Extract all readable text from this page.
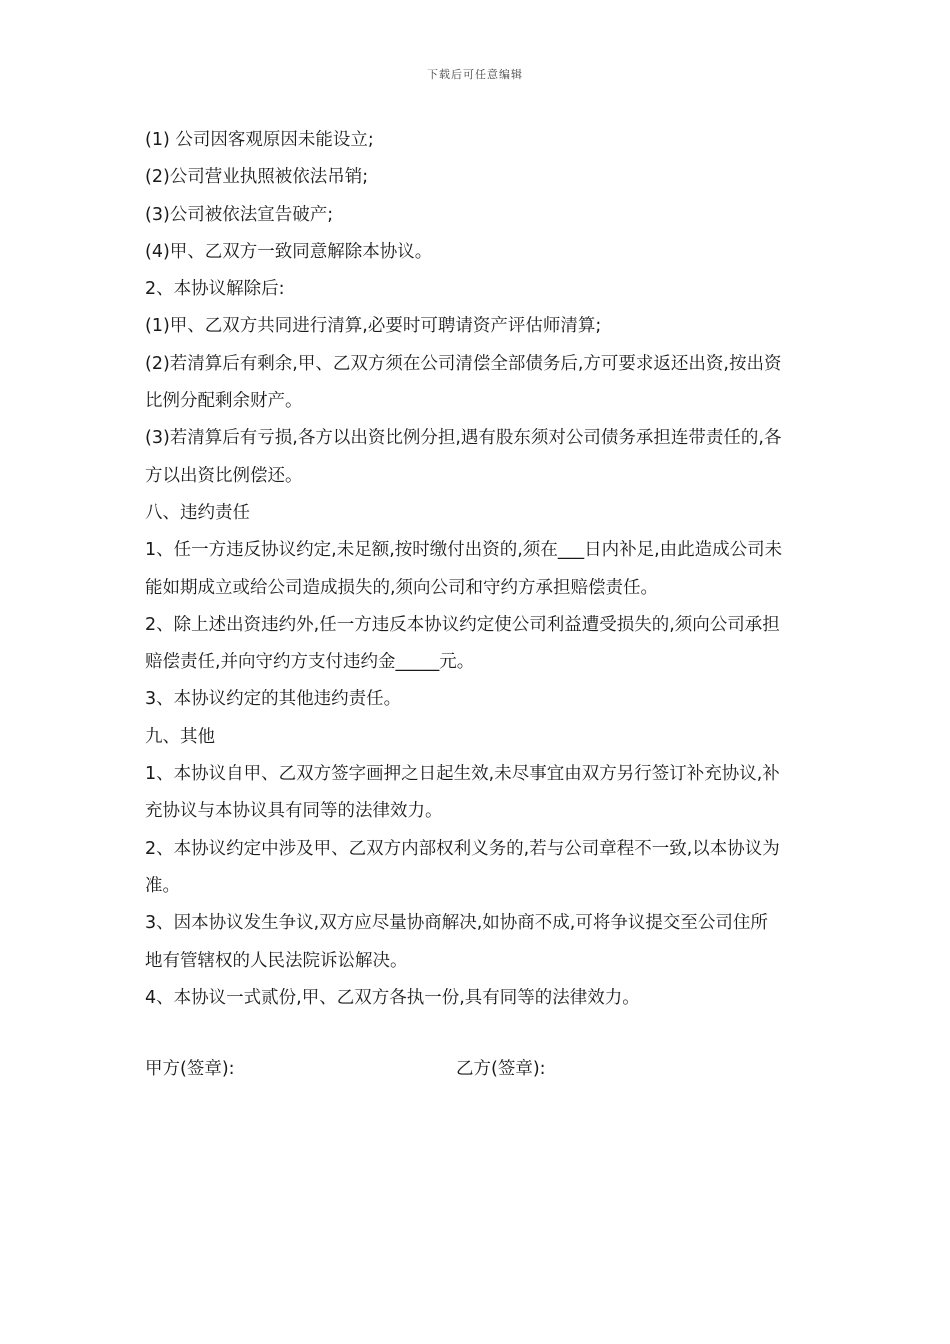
下载后可任意编辑
(1) 公司因客观原因未能设立;
(2)公司营业执照被依法吊销;
(3)公司被依法宣告破产;
(4)甲、乙双方一致同意解除本协议。
2、本协议解除后:
(1)甲、乙双方共同进行清算,必要时可聘请资产评估师清算;
(2)若清算后有剩余,甲、乙双方须在公司清偿全部债务后,方可要求返还出资,按出资
比例分配剩余财产。
(3)若清算后有亏损,各方以出资比例分担,遇有股东须对公司债务承担连带责任的,各
方以出资比例偿还。
八、违约责任
1、任一方违反协议约定,未足额,按时缴付出资的,须在___日内补足,由此造成公司未
能如期成立或给公司造成损失的,须向公司和守约方承担赔偿责任。
2、除上述出资违约外,任一方违反本协议约定使公司利益遭受损失的,须向公司承担
赔偿责任,并向守约方支付违约金_____元。
3、本协议约定的其他违约责任。
九、其他
1、本协议自甲、乙双方签字画押之日起生效,未尽事宜由双方另行签订补充协议,补
充协议与本协议具有同等的法律效力。
2、本协议约定中涉及甲、乙双方内部权利义务的,若与公司章程不一致,以本协议为
准。
3、因本协议发生争议,双方应尽量协商解决,如协商不成,可将争议提交至公司住所
地有管辖权的人民法院诉讼解决。
4、本协议一式贰份,甲、乙双方各执一份,具有同等的法律效力。
甲方(签章):	乙方(签章):
